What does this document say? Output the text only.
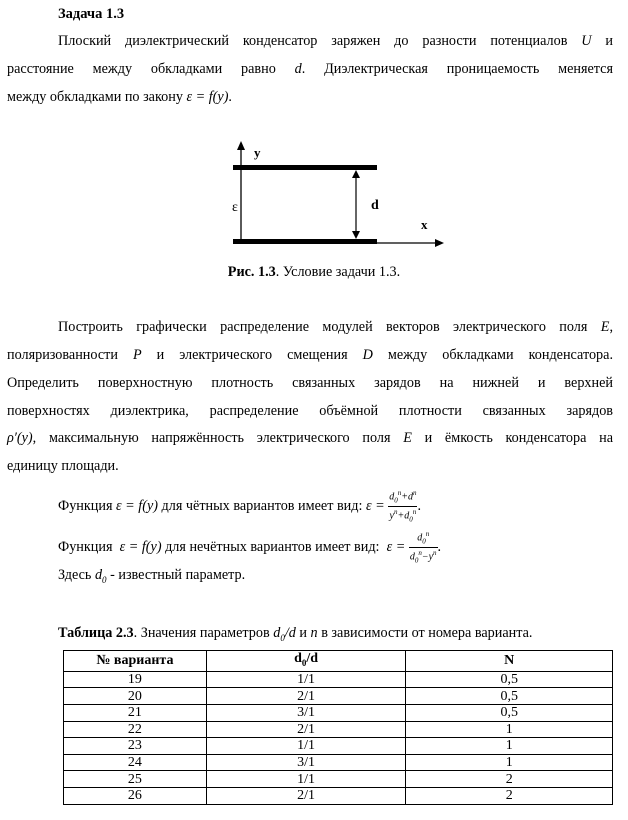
Задача 1.3
Плоский диэлектрический конденсатор заряжен до разности потенциалов U и
расстояние между обкладками равно d. Диэлектрическая проницаемость меняется
между обкладками по закону ε = f(y).
y
ε	d
x
Рис. 1.3. Условие задачи 1.3.
Построить графически распределение модулей векторов электрического поля E,
поляризованности P и электрического смещения D между обкладками конденсатора.
Определить поверхностную плотность связанных зарядов на нижней и верхней
поверхностях диэлектрика, распределение объёмной плотности связанных зарядов
ρ′(y), максимальную напряжённость электрического поля E и ёмкость конденсатора на
единицу площади.
Функция ε = f(y) для чётных вариантов имеет вид: $\varepsilon = \frac{d_0^n+d^n}{y^n+d_0^n}$ .
Функция ε = f(y) для нечётных вариантов имеет вид: $\varepsilon = \frac{d_0^n}{d_0^n-y^n}$ .
Здесь $d_0$ - известный параметр.
Таблица 2.3. Значения параметров $d_0/d$ и n в зависимости от номера варианта.
№ варианта	$d_0/d$	N
19	1/1	0,5
20	2/1	0,5
21	3/1	0,5
22	2/1	1
23	1/1	1
24	3/1	1
25	1/1	2
26	2/1	2
